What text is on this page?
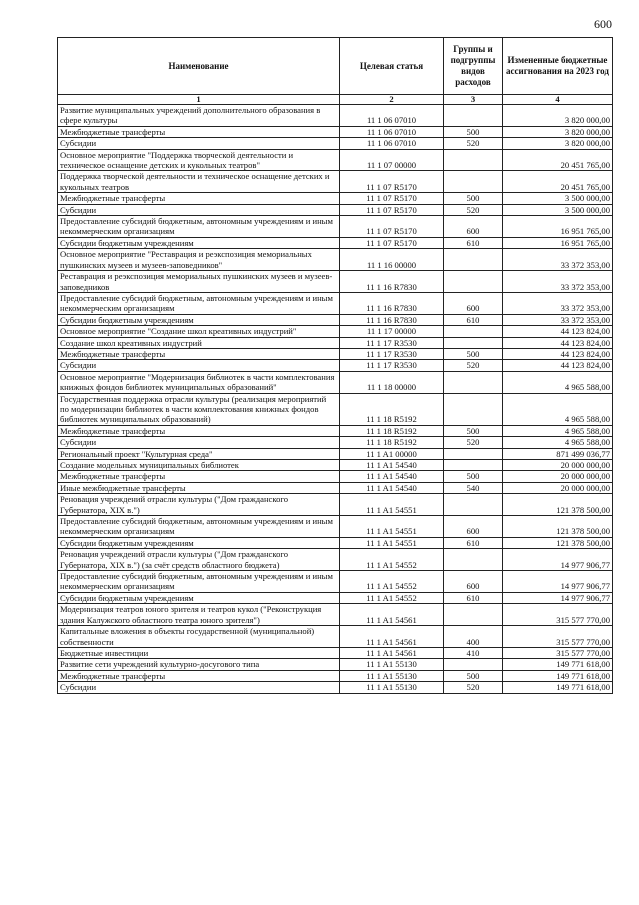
600
Наименование	Целевая статья	Группы и подгруппы видов расходов	Измененные бюджетные ассигнования на 2023 год
1	2	3	4
Развитие муниципальных учреждений дополнительного образования в сфере культуры	11 1 06 07010		3 820 000,00
Межбюджетные трансферты	11 1 06 07010	500	3 820 000,00
Субсидии	11 1 06 07010	520	3 820 000,00
Основное мероприятие "Поддержка творческой деятельности и техническое оснащение детских и кукольных театров"	11 1 07 00000		20 451 765,00
Поддержка творческой деятельности и техническое оснащение детских и кукольных театров	11 1 07 R5170		20 451 765,00
Межбюджетные трансферты	11 1 07 R5170	500	3 500 000,00
Субсидии	11 1 07 R5170	520	3 500 000,00
Предоставление субсидий бюджетным, автономным учреждениям и иным некоммерческим организациям	11 1 07 R5170	600	16 951 765,00
Субсидии бюджетным учреждениям	11 1 07 R5170	610	16 951 765,00
Основное мероприятие "Реставрация и реэкспозиция мемориальных пушкинских музеев и музеев-заповедников"	11 1 16 00000		33 372 353,00
Реставрация и реэкспозиция мемориальных пушкинских музеев и музеев-заповедников	11 1 16 R7830		33 372 353,00
Предоставление субсидий бюджетным, автономным учреждениям и иным некоммерческим организациям	11 1 16 R7830	600	33 372 353,00
Субсидии бюджетным учреждениям	11 1 16 R7830	610	33 372 353,00
Основное мероприятие "Создание школ креативных индустрий"	11 1 17 00000		44 123 824,00
Создание школ креативных индустрий	11 1 17 R3530		44 123 824,00
Межбюджетные трансферты	11 1 17 R3530	500	44 123 824,00
Субсидии	11 1 17 R3530	520	44 123 824,00
Основное мероприятие "Модернизация библиотек в части комплектования книжных фондов библиотек муниципальных образований"	11 1 18 00000		4 965 588,00
Государственная поддержка отрасли культуры (реализация мероприятий по модернизации библиотек в части комплектования книжных фондов библиотек муниципальных образований)	11 1 18 R5192		4 965 588,00
Межбюджетные трансферты	11 1 18 R5192	500	4 965 588,00
Субсидии	11 1 18 R5192	520	4 965 588,00
Региональный проект "Культурная среда"	11 1 A1 00000		871 499 036,77
Создание модельных муниципальных библиотек	11 1 A1 54540		20 000 000,00
Межбюджетные трансферты	11 1 A1 54540	500	20 000 000,00
Иные межбюджетные трансферты	11 1 A1 54540	540	20 000 000,00
Реновация учреждений отрасли культуры ("Дом гражданского Губернатора, XIX в.")	11 1 A1 54551		121 378 500,00
Предоставление субсидий бюджетным, автономным учреждениям и иным некоммерческим организациям	11 1 A1 54551	600	121 378 500,00
Субсидии бюджетным учреждениям	11 1 A1 54551	610	121 378 500,00
Реновация учреждений отрасли культуры ("Дом гражданского Губернатора, XIX в.") (за счёт средств областного бюджета)	11 1 A1 54552		14 977 906,77
Предоставление субсидий бюджетным, автономным учреждениям и иным некоммерческим организациям	11 1 A1 54552	600	14 977 906,77
Субсидии бюджетным учреждениям	11 1 A1 54552	610	14 977 906,77
Модернизация театров юного зрителя и театров кукол ("Реконструкция здания Калужского областного театра юного зрителя")	11 1 A1 54561		315 577 770,00
Капитальные вложения в объекты государственной (муниципальной) собственности	11 1 A1 54561	400	315 577 770,00
Бюджетные инвестиции	11 1 A1 54561	410	315 577 770,00
Развитие сети учреждений культурно-досугового типа	11 1 A1 55130		149 771 618,00
Межбюджетные трансферты	11 1 A1 55130	500	149 771 618,00
Субсидии	11 1 A1 55130	520	149 771 618,00
